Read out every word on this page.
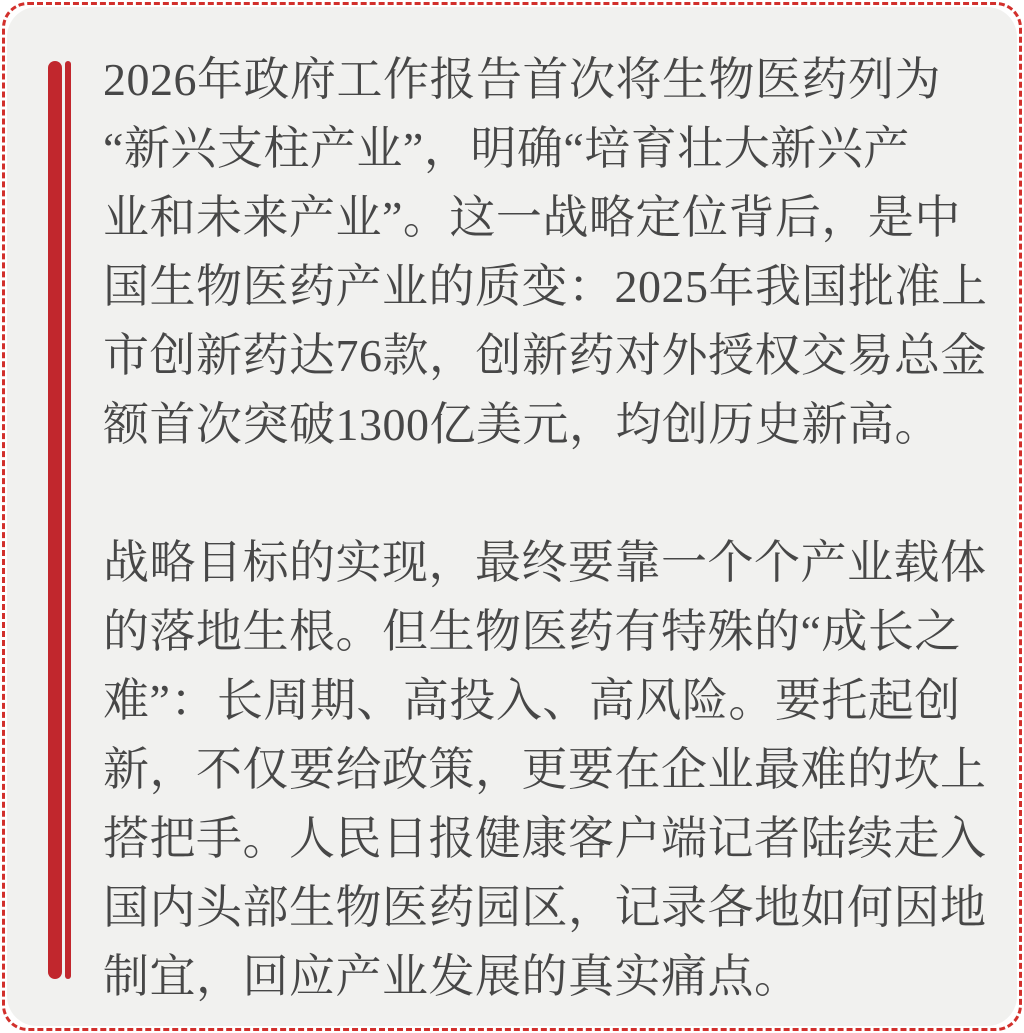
2026年政府工作报告首次将生物医药列为
“新兴支柱产业”，明确“培育壮大新兴产
业和未来产业”。这一战略定位背后，是中
国生物医药产业的质变：2025年我国批准上
市创新药达76款，创新药对外授权交易总金
额首次突破1300亿美元，均创历史新高。
战略目标的实现，最终要靠一个个产业载体
的落地生根。但生物医药有特殊的“成长之
难”：长周期、高投入、高风险。要托起创
新，不仅要给政策，更要在企业最难的坎上
搭把手。人民日报健康客户端记者陆续走入
国内头部生物医药园区，记录各地如何因地
制宜，回应产业发展的真实痛点。
